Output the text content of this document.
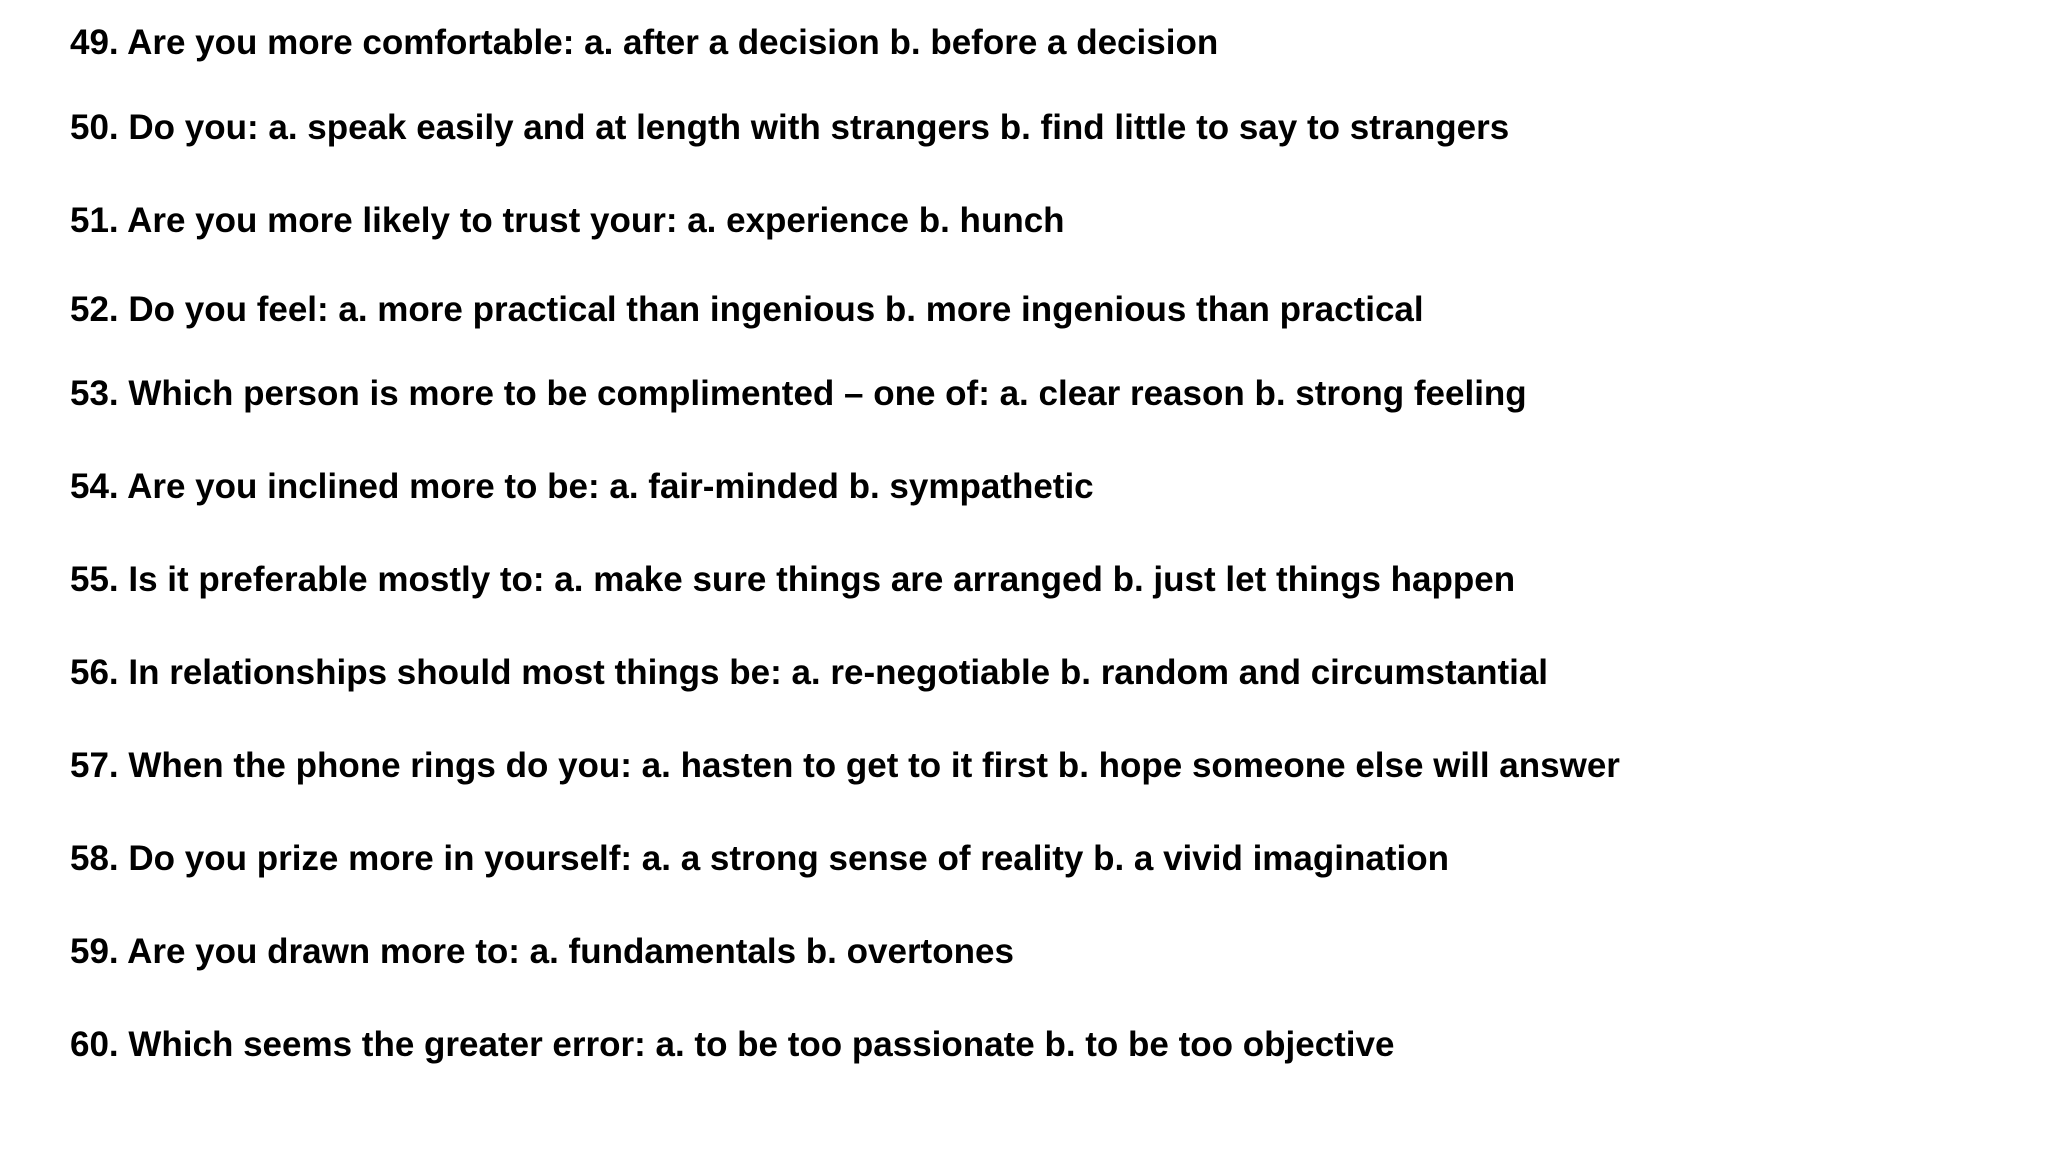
49. Are you more comfortable: a. after a decision b. before a decision

50. Do you: a. speak easily and at length with strangers b. find little to say to strangers

51. Are you more likely to trust your: a. experience b. hunch

52. Do you feel: a. more practical than ingenious b. more ingenious than practical

53. Which person is more to be complimented – one of: a. clear reason b. strong feeling

54. Are you inclined more to be: a. fair-minded b. sympathetic

55. Is it preferable mostly to: a. make sure things are arranged b. just let things happen

56. In relationships should most things be: a. re-negotiable b. random and circumstantial

57. When the phone rings do you: a. hasten to get to it first b. hope someone else will answer

58. Do you prize more in yourself: a. a strong sense of reality b. a vivid imagination

59. Are you drawn more to: a. fundamentals b. overtones

60. Which seems the greater error: a. to be too passionate b. to be too objective
